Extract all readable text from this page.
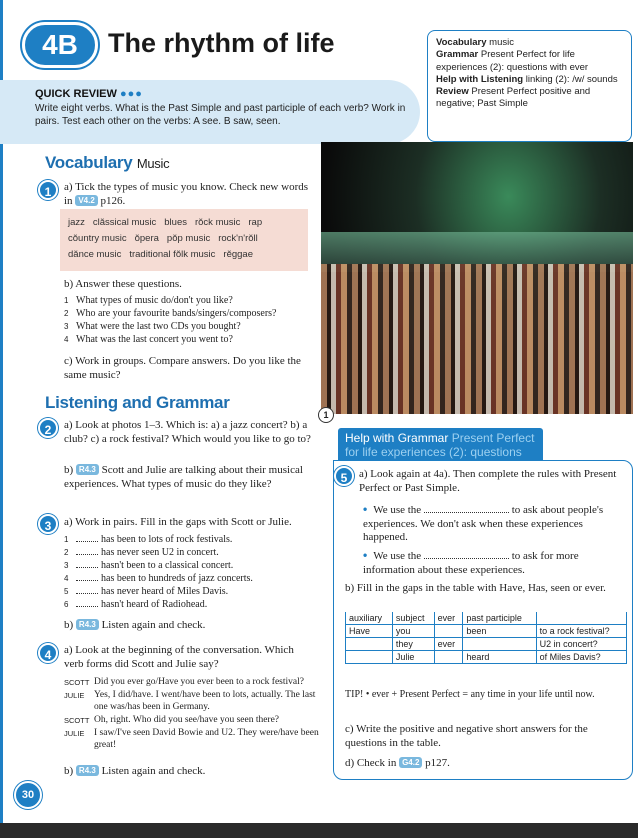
4B	The rhythm of life
QUICK REVIEW ●●●
Write eight verbs. What is the Past Simple and past participle of each verb? Work in pairs. Test each other on the verbs: A see. B saw, seen.
Vocabulary music
Grammar Present Perfect for life experiences (2): questions with ever
Help with Listening linking (2): /w/ sounds
Review Present Perfect positive and negative; Past Simple
Vocabulary Music
1	a) Tick the types of music you know. Check new words in V4.2 p126.
jazz clăssical music blues rŏck music rap
cŏuntry music ŏpera pŏp music rock'n'rŏll
dănce music traditional fŏlk music rĕggae
b) Answer these questions.
1 What types of music do/don't you like?
2 Who are your favourite bands/singers/composers?
3 What were the last two CDs you bought?
4 What was the last concert you went to?
c) Work in groups. Compare answers. Do you like the same music?
Listening and Grammar
2	a) Look at photos 1–3. Which is: a) a jazz concert? b) a club? c) a rock festival? Which would you like to go to?
b) R4.3 Scott and Julie are talking about their musical experiences. What types of music do they like?
3	a) Work in pairs. Fill in the gaps with Scott or Julie.
1	has been to lots of rock festivals.
2	has never seen U2 in concert.
3	hasn't been to a classical concert.
4	has been to hundreds of jazz concerts.
5	has never heard of Miles Davis.
6	hasn't heard of Radiohead.
b) R4.3 Listen again and check.
4	a) Look at the beginning of the conversation. Which verb forms did Scott and Julie say?
SCOTT Did you ever go/Have you ever been to a rock festival?
JULIE	Yes, I did/have. I went/have been to lots, actually. The last one was/has been in Germany.
SCOTT Oh, right. Who did you see/have you seen there?
JULIE	I saw/I've seen David Bowie and U2. They were/have been great!
b) R4.3 Listen again and check.
1
Help with Grammar Present Perfect for life experiences (2): questions
5	a) Look again at 4a). Then complete the rules with Present Perfect or Past Simple.
• We use the	to ask about people's experiences. We don't ask when these experiences happened.
• We use the	to ask for more information about these experiences.
b) Fill in the gaps in the table with Have, Has, seen or ever.
auxiliary	subject	ever	past participle	
Have	you		been	to a rock festival?
	they	ever		U2 in concert?
	Julie		heard	of Miles Davis?
TIP! • ever + Present Perfect = any time in your life until now.
c) Write the positive and negative short answers for the questions in the table.
d) Check in G4.2 p127.
30
